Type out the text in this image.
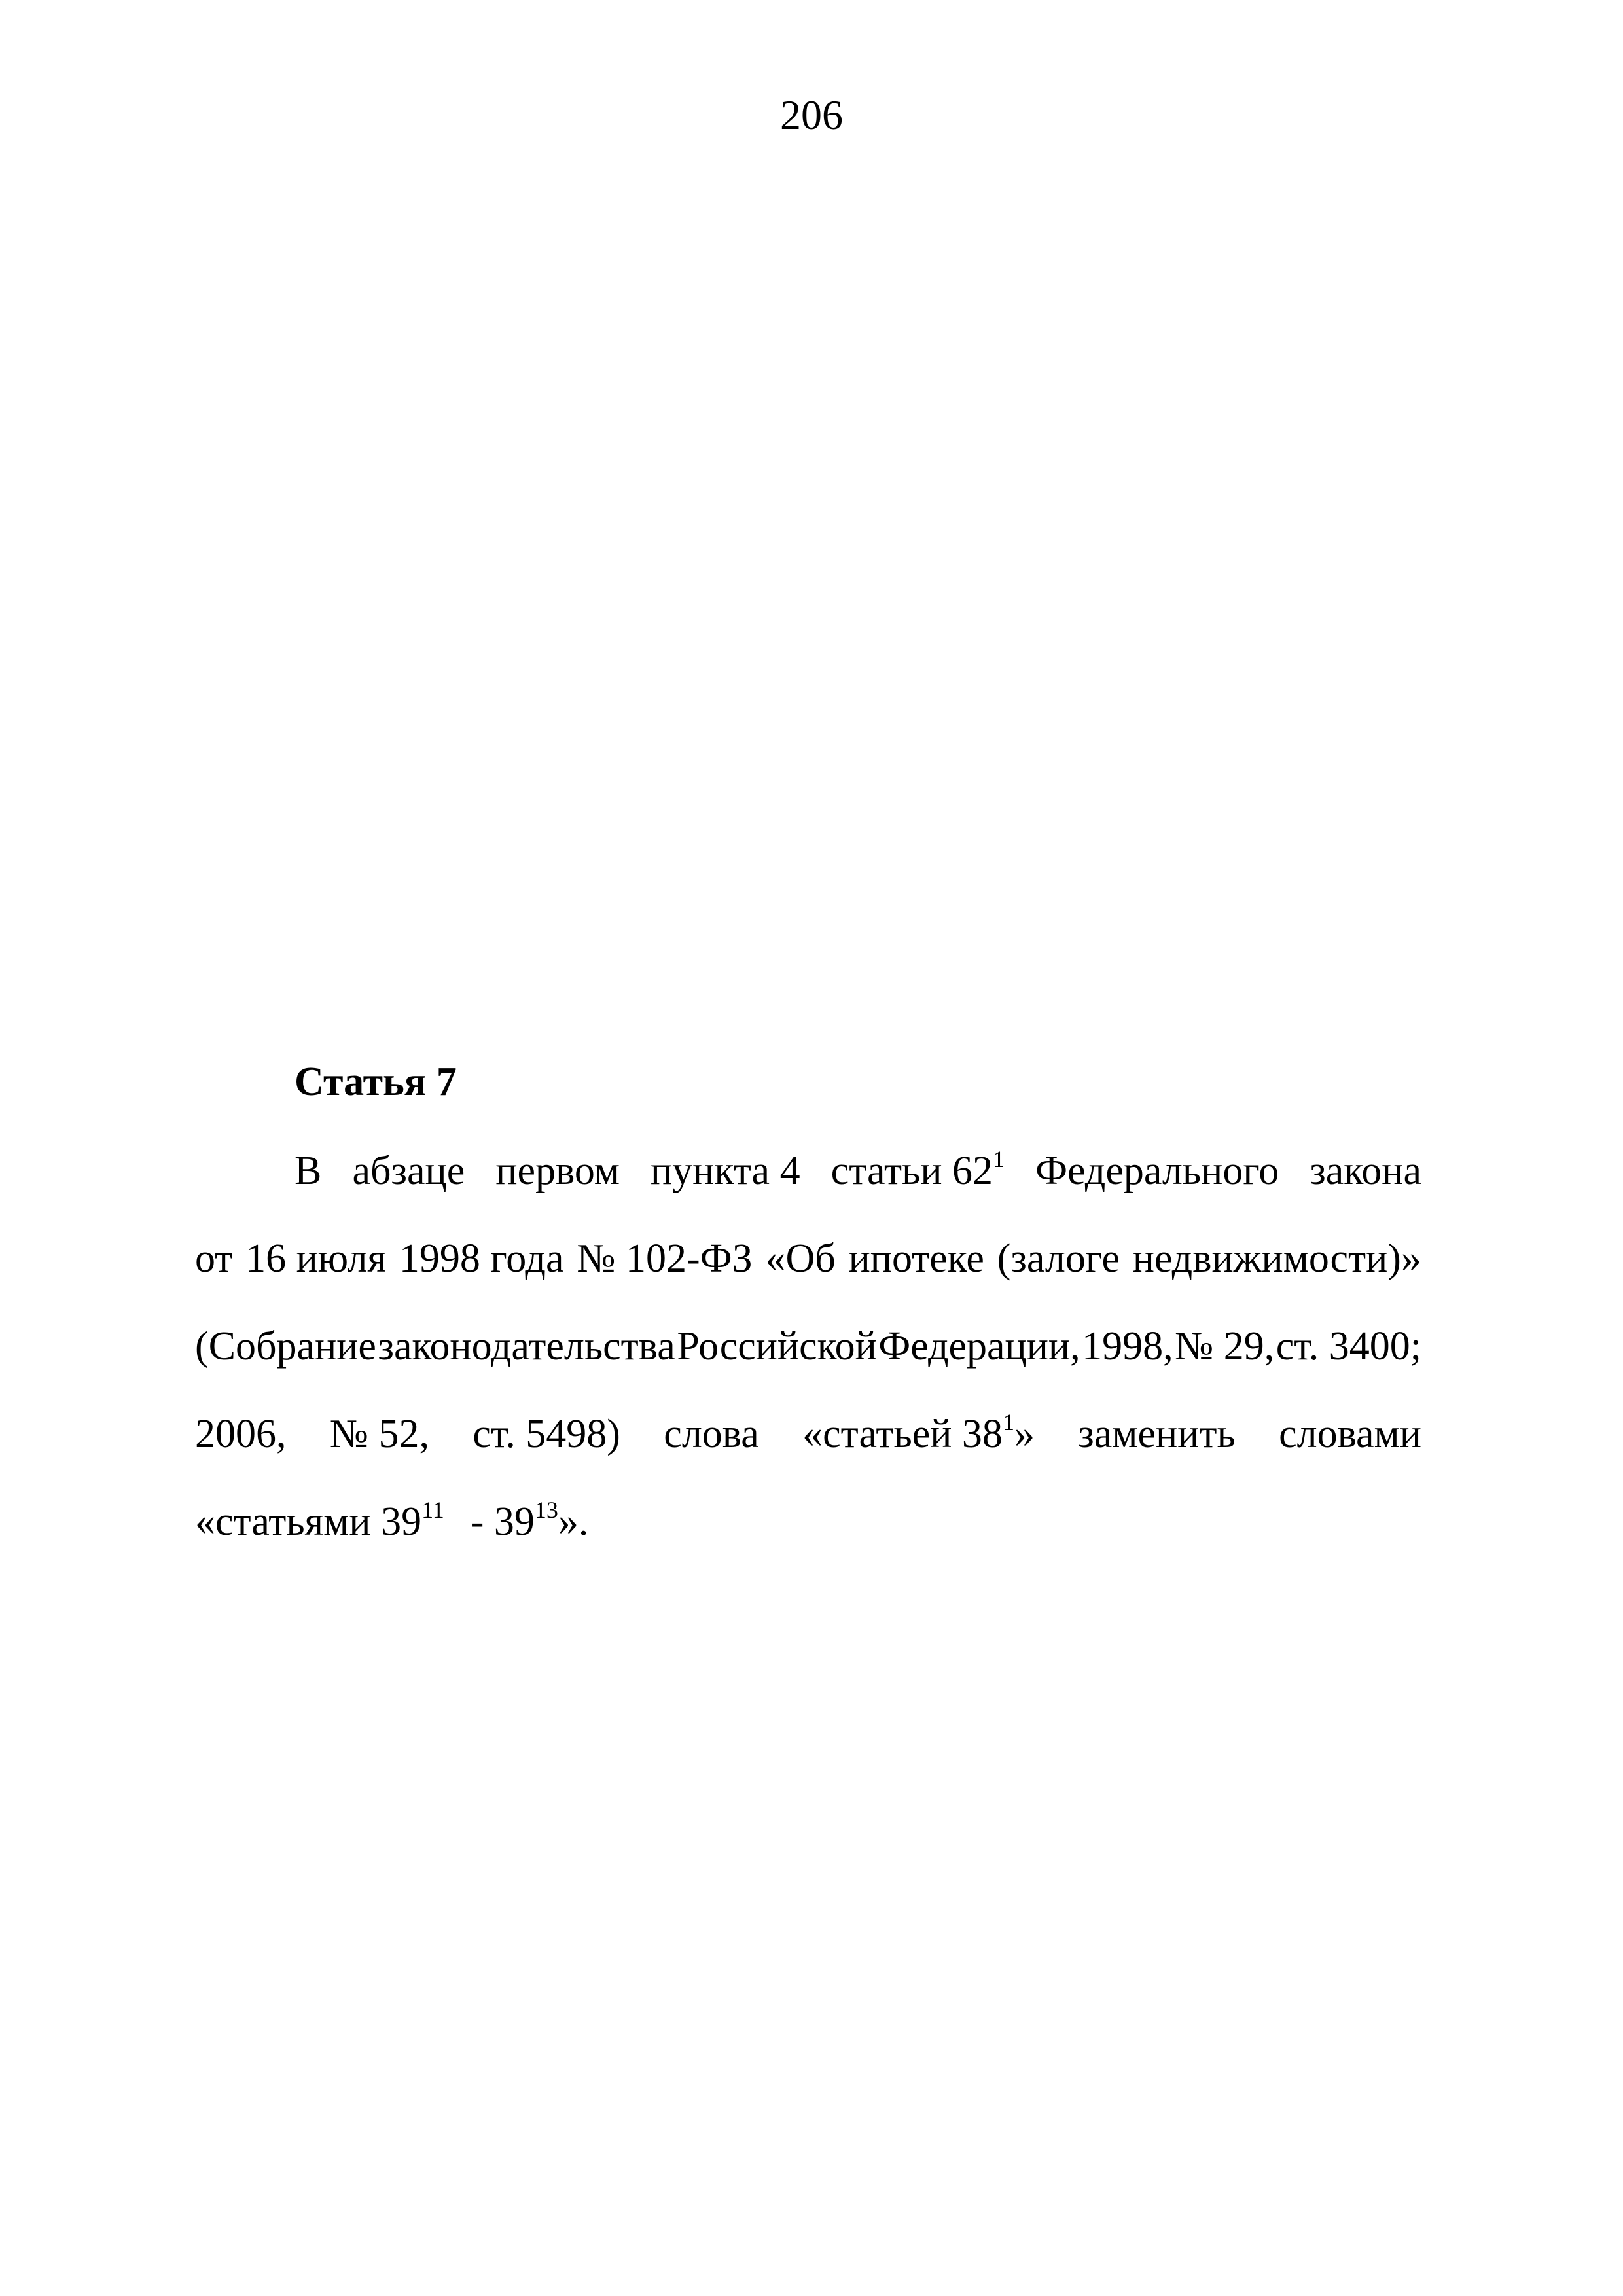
206
Статья 7
В абзаце первом пункта 4 статьи $62^1$ Федерального закона
от 16 июля 1998 года № 102-ФЗ «Об ипотеке (залоге недвижимости)»
(Собрание законодательства Российской Федерации, 1998, № 29, ст. 3400;
2006, № 52, ст. 5498) слова «статьей $38^1$» заменить словами
«статьями $39^{11} - 39^{13}$».
